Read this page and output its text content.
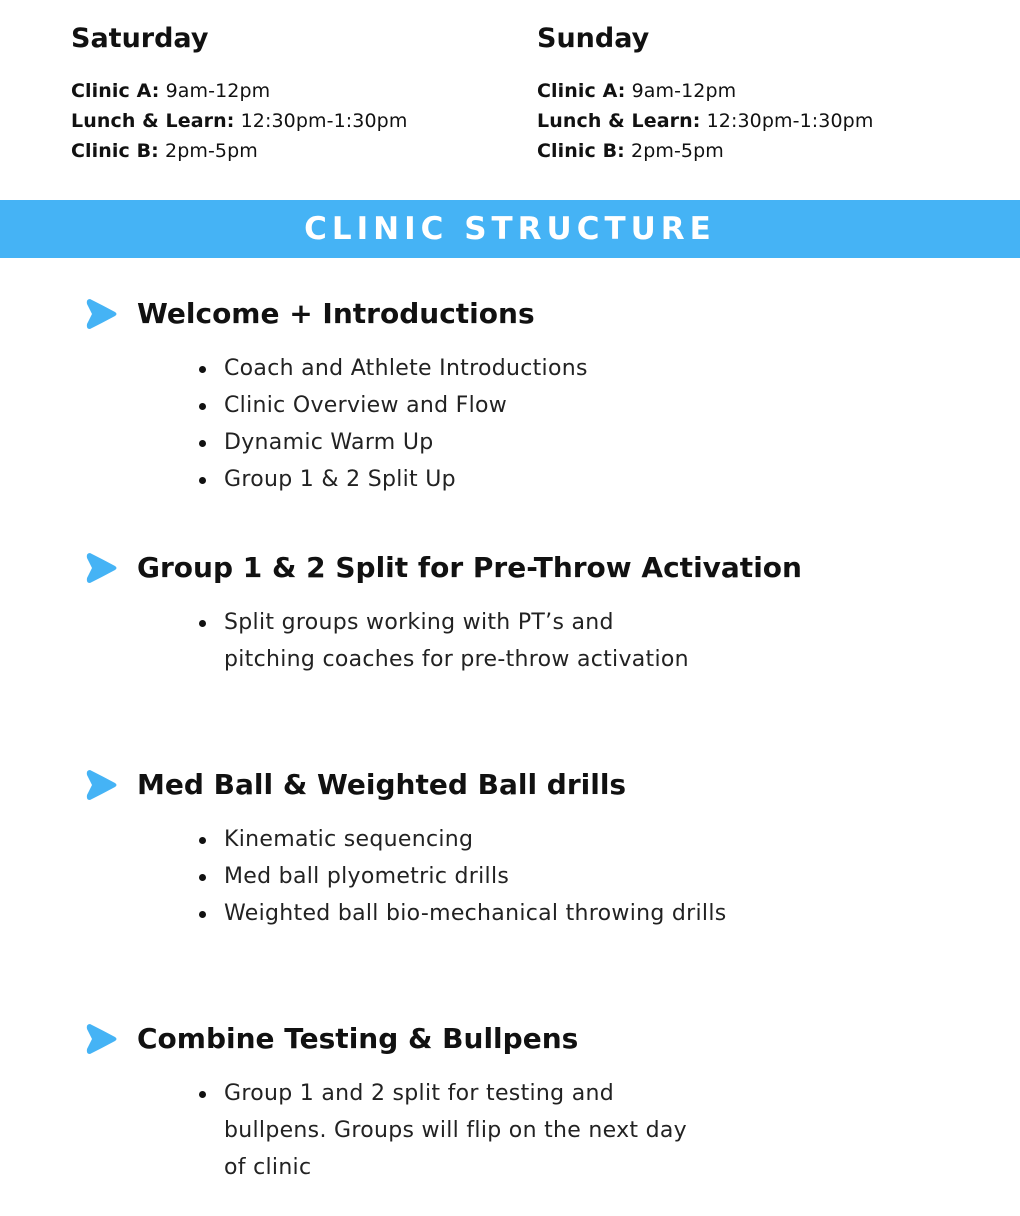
Saturday
Clinic A: 9am-12pm
Lunch & Learn: 12:30pm-1:30pm
Clinic B: 2pm-5pm
Sunday
Clinic A: 9am-12pm
Lunch & Learn: 12:30pm-1:30pm
Clinic B: 2pm-5pm
CLINIC STRUCTURE
Welcome + Introductions
Coach and Athlete Introductions
Clinic Overview and Flow
Dynamic Warm Up
Group 1 & 2 Split Up
Group 1 & 2 Split for Pre-Throw Activation
Split groups working with PT’s and pitching coaches for pre-throw activation
Med Ball & Weighted Ball drills
Kinematic sequencing
Med ball plyometric drills
Weighted ball bio-mechanical throwing drills
Combine Testing & Bullpens
Group 1 and 2 split for testing and bullpens. Groups will flip on the next day of clinic
